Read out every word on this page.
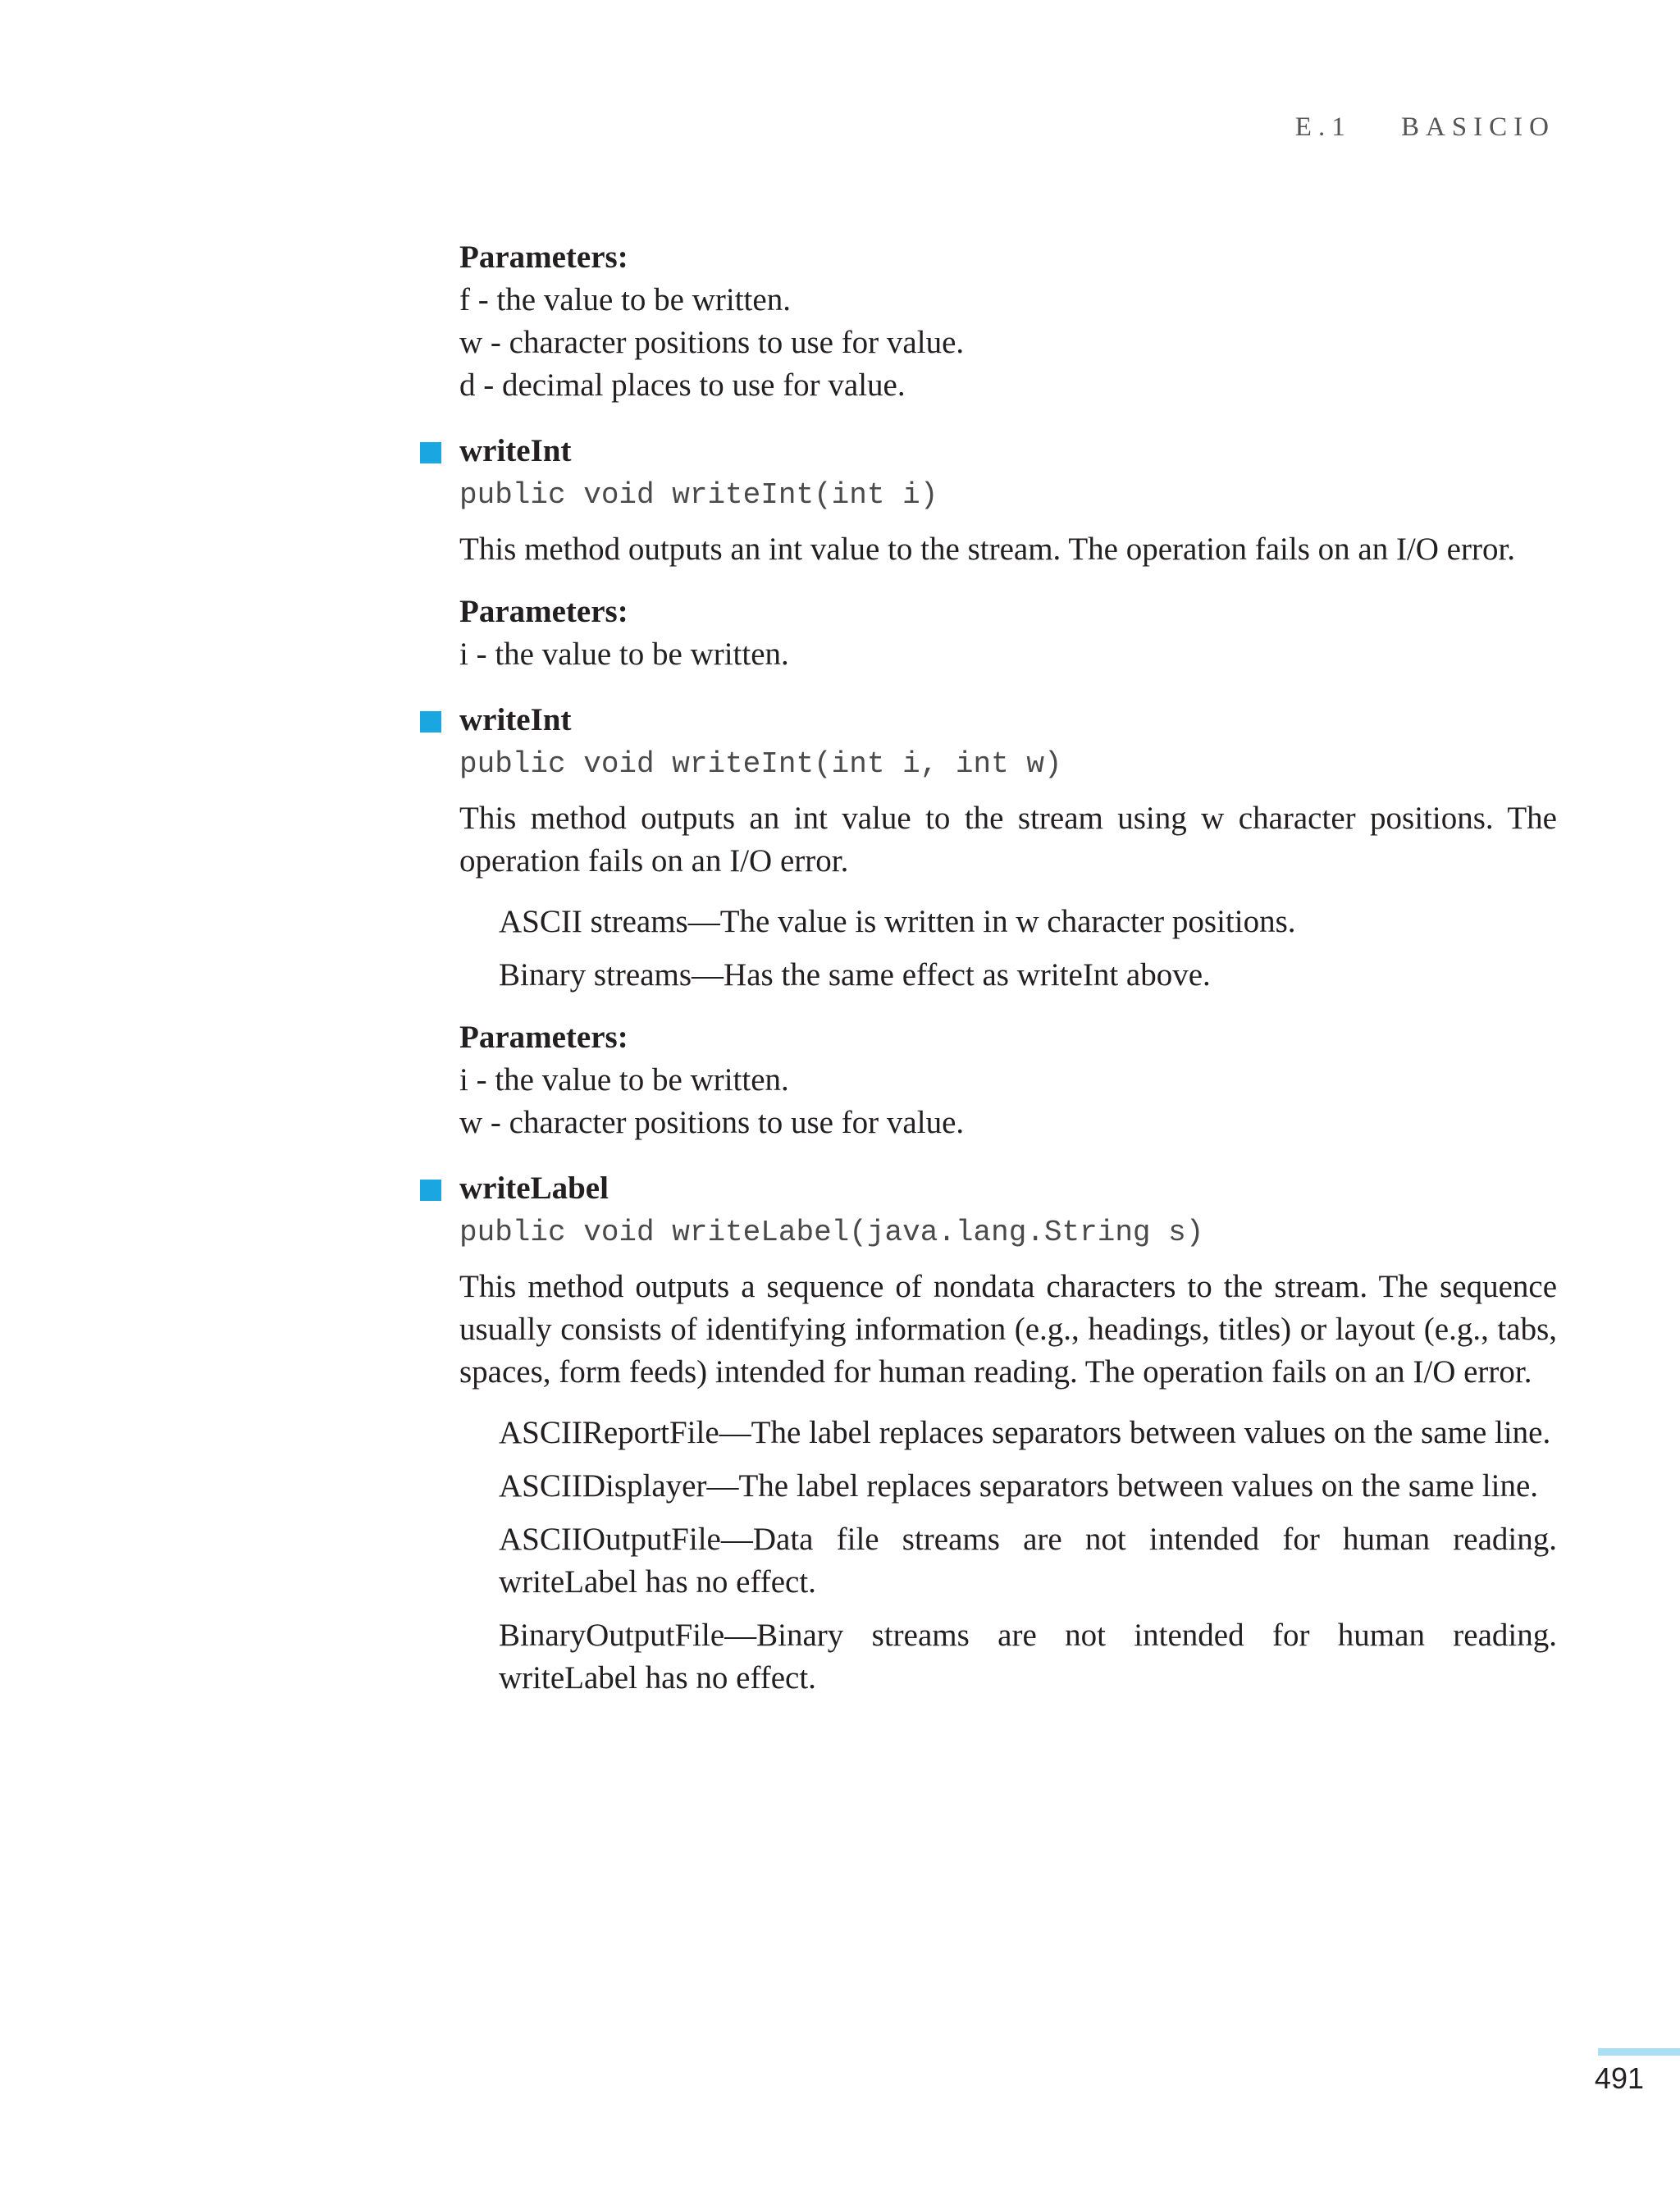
E.1 BASICIO

Parameters:

f - the value to be written.

w - character positions to use for value.

d - decimal places to use for value.

writeInt

public void writeInt(int i)

This method outputs an int value to the stream. The operation fails on an I/O error.

Parameters:

i - the value to be written.

writeInt

public void writeInt(int i, int w)

This method outputs an int value to the stream using w character positions. The operation fails on an I/O error.

ASCII streams—The value is written in w character positions.

Binary streams—Has the same effect as writeInt above.

Parameters:

i - the value to be written.

w - character positions to use for value.

writeLabel

public void writeLabel(java.lang.String s)

This method outputs a sequence of nondata characters to the stream. The sequence usually consists of identifying information (e.g., headings, titles) or layout (e.g., tabs, spaces, form feeds) intended for human reading. The operation fails on an I/O error.

ASCIIReportFile—The label replaces separators between values on the same line.

ASCIIDisplayer—The label replaces separators between values on the same line.

ASCIIOutputFile—Data file streams are not intended for human reading. writeLabel has no effect.

BinaryOutputFile—Binary streams are not intended for human reading. writeLabel has no effect.

491
